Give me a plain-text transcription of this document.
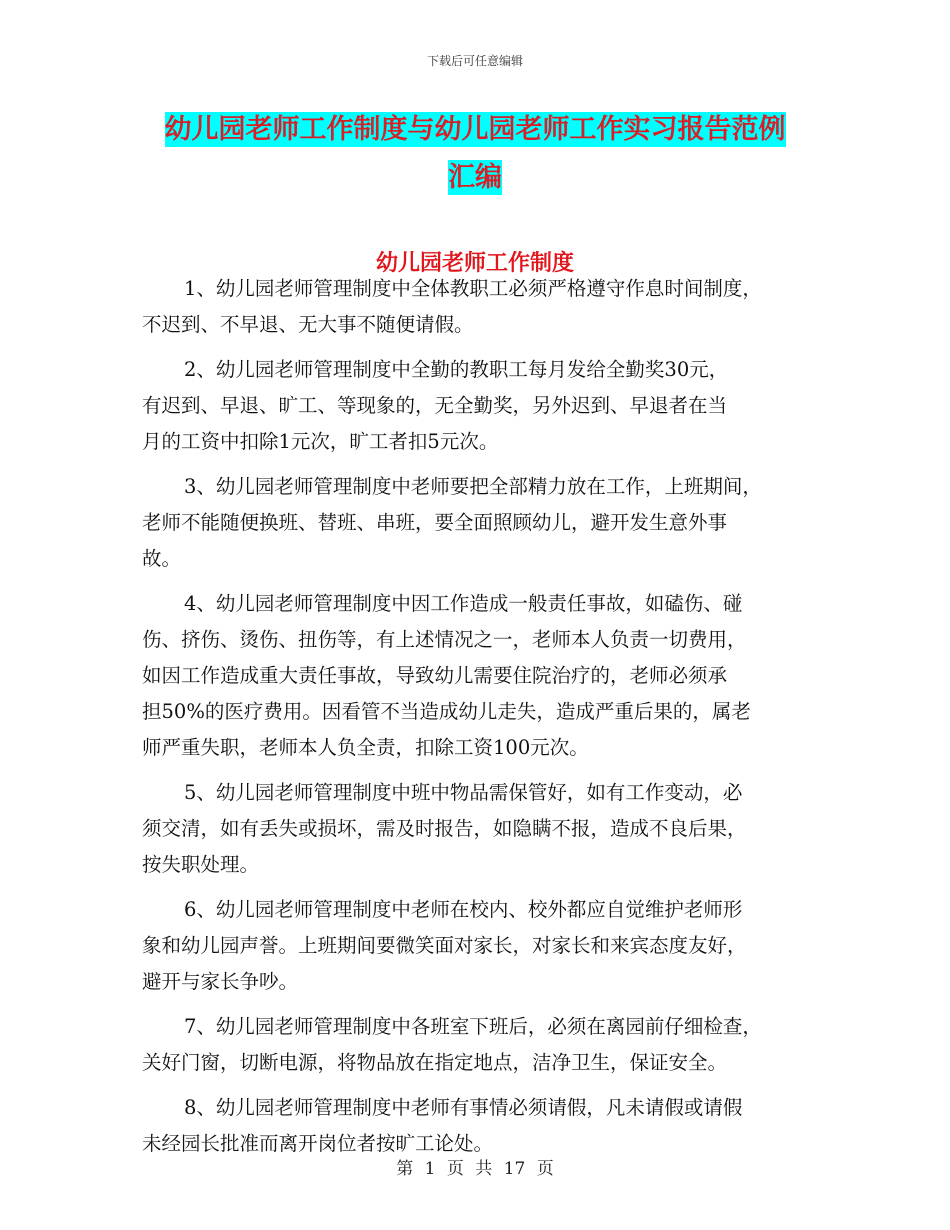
下载后可任意编辑
幼儿园老师工作制度与幼儿园老师工作实习报告范例
汇编
幼儿园老师工作制度
1、幼儿园老师管理制度中全体教职工必须严格遵守作息时间制度，
不迟到、不早退、无大事不随便请假。
2、幼儿园老师管理制度中全勤的教职工每月发给全勤奖30元，
有迟到、早退、旷工、等现象的，无全勤奖，另外迟到、早退者在当
月的工资中扣除1元次，旷工者扣5元次。
3、幼儿园老师管理制度中老师要把全部精力放在工作，上班期间，
老师不能随便换班、替班、串班，要全面照顾幼儿，避开发生意外事
故。
4、幼儿园老师管理制度中因工作造成一般责任事故，如磕伤、碰
伤、挤伤、烫伤、扭伤等，有上述情况之一，老师本人负责一切费用，
如因工作造成重大责任事故，导致幼儿需要住院治疗的，老师必须承
担50%的医疗费用。因看管不当造成幼儿走失，造成严重后果的，属老
师严重失职，老师本人负全责，扣除工资100元次。
5、幼儿园老师管理制度中班中物品需保管好，如有工作变动，必
须交清，如有丢失或损坏，需及时报告，如隐瞒不报，造成不良后果，
按失职处理。
6、幼儿园老师管理制度中老师在校内、校外都应自觉维护老师形
象和幼儿园声誉。上班期间要微笑面对家长，对家长和来宾态度友好，
避开与家长争吵。
7、幼儿园老师管理制度中各班室下班后，必须在离园前仔细检查，
关好门窗，切断电源，将物品放在指定地点，洁净卫生，保证安全。
8、幼儿园老师管理制度中老师有事情必须请假，凡未请假或请假
未经园长批准而离开岗位者按旷工论处。
第 1 页 共 17 页
